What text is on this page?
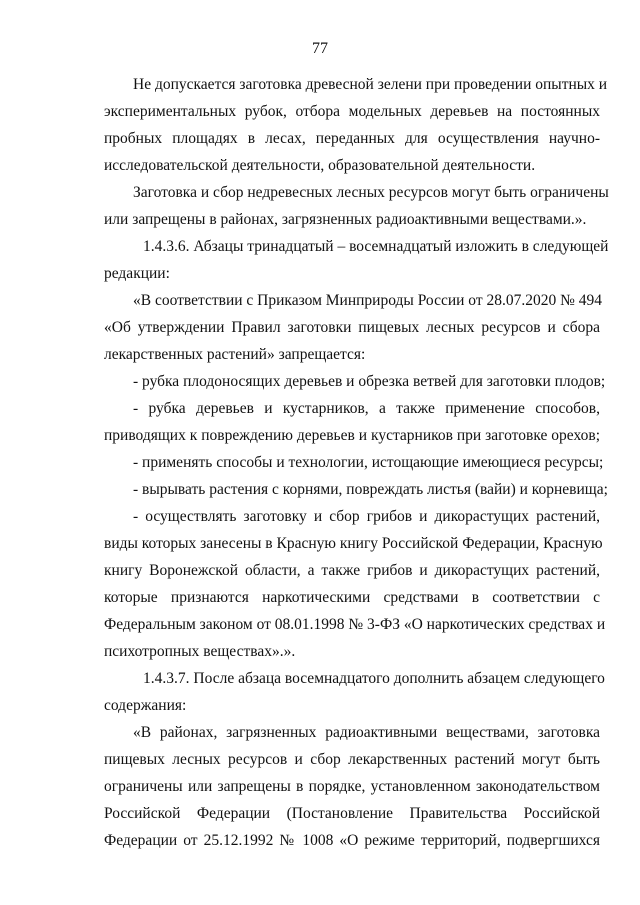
77
Не допускается заготовка древесной зелени при проведении опытных и
экспериментальных рубок, отбора модельных деревьев на постоянных
пробных площадях в лесах, переданных для осуществления научно-
исследовательской деятельности, образовательной деятельности.
Заготовка и сбор недревесных лесных ресурсов могут быть ограничены
или запрещены в районах, загрязненных радиоактивными веществами.».
1.4.3.6. Абзацы тринадцатый – восемнадцатый изложить в следующей
редакции:
«В соответствии с Приказом Минприроды России от 28.07.2020 № 494
«Об утверждении Правил заготовки пищевых лесных ресурсов и сбора
лекарственных растений» запрещается:
- рубка плодоносящих деревьев и обрезка ветвей для заготовки плодов;
- рубка деревьев и кустарников, а также применение способов,
приводящих к повреждению деревьев и кустарников при заготовке орехов;
- применять способы и технологии, истощающие имеющиеся ресурсы;
- вырывать растения с корнями, повреждать листья (вайи) и корневища;
- осуществлять заготовку и сбор грибов и дикорастущих растений,
виды которых занесены в Красную книгу Российской Федерации, Красную
книгу Воронежской области, а также грибов и дикорастущих растений,
которые признаются наркотическими средствами в соответствии с
Федеральным законом от 08.01.1998 № 3-ФЗ «О наркотических средствах и
психотропных веществах».».
1.4.3.7. После абзаца восемнадцатого дополнить абзацем следующего
содержания:
«В районах, загрязненных радиоактивными веществами, заготовка
пищевых лесных ресурсов и сбор лекарственных растений могут быть
ограничены или запрещены в порядке, установленном законодательством
Российской Федерации (Постановление Правительства Российской
Федерации от 25.12.1992 № 1008 «О режиме территорий, подвергшихся
